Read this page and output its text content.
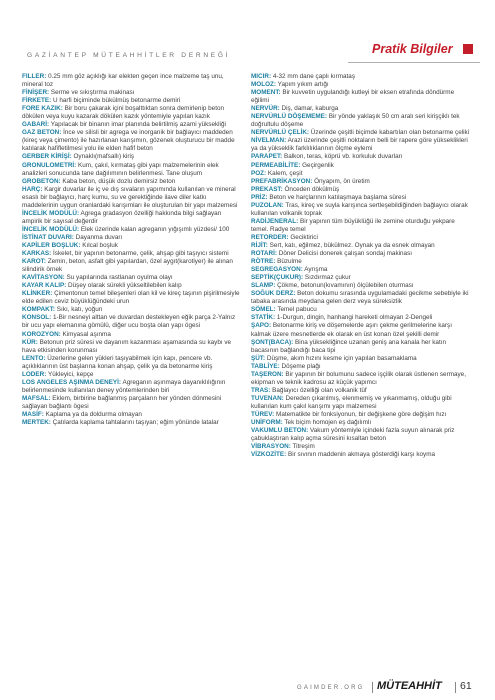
GAZİANTEP MÜTEAHHİTLER DERNEĞİ	Pratik Bilgiler

FİLLER: 0.25 mm göz açıklığı kar elekten geçen ince malzeme taş unu, mineral toz

FİNİŞER: Serme ve sıkıştırma makinası

FİRKETE: U harfi biçiminde bükülmüş betonarme demiri

FORE KAZIK: Bir boru çakarak içini boşalttıktan sonra demirlenip beton dökülen veya kuyu kazarak dökülen kazık yöntemiyle yapılan kazık

GABARİ: Yapılacak bir binanın imar planında belirtilmiş azami yüksekliği

GAZ BETON: İnce ve silisli bir agrega ve inorganik bir bağlayıcı maddeden (kireç veya çimento) ile hazırlanan karışımın, gözenek oluşturucu bir madde katılarak hafifletilmesi yolu ile elden hafif beton

GERBER KİRİŞİ: Oynaklı(mafsallı) kiriş

GRONULOMETRİ: Kum, çakıl, kırmataş gibi yapı malzemelerinin elek analizleri sonucunda tane dağılımının belirlenmesi. Tane oluşum

GROBETON: Kaba beton, düşük dozlu demirsiz beton

HARÇ: Kargir duvarlar ile iç ve dış sıvaların yapımında kullanılan ve mineral esaslı bir bağlayıcı, harç kumu, su ve gerektiğinde ilave diler katkı maddelerinin uygun oranlardaki karışımları ile oluşturulan bir yapı malzemesi

İNCELİK MODÜLÜ: Agrega gradasyon özelliği hakkında bilgi sağlayan ampirik bir sayısal değerdir

İNCELİK MODÜLÜ: Elek üzerinde kalan agreganın yığışımlı yüzdesi/ 100

İSTİNAT DUVARI: Dayanma duvarı

KAPİLER BOŞLUK: Kılcal boşluk

KARKAS: İskelet, bir yapının betonarme, çelik, ahşap gibi taşıyıcı sistemi

KAROT: Zemin, beton, asfalt gibi yapılardan, özel aygıt(karotiyer) ile alınan silindirik örnek

KAVİTASYON: Su yapılarında rastlanan oyulma olayı

KAYAR KALIP: Düşey olarak sürekli yükseltilebilen kalıp

KLİNKER: Çimentonun temel bileşenleri olan kil ve kireç taşının pişirilmesiyle elde edilen ceviz büyüklüğündeki urun

KOMPAKT: Sıkı, katı, yoğun

KONSOL: 1-Bir nesneyi alttan ve duvardan destekleyen eğik parça 2-Yalnız bir ucu yapı elemanına gömülü, diğer ucu boşta olan yapı ögesi

KOROZYON: Kimyasal aşınma

KÜR: Betonun priz süresi ve dayanım kazanması aşamasında su kaybı ve hava etkisinden korunması

LENTO: Üzerlerine gelen yükleri taşıyabilmek için kapı, pencere vb. açıklıklarının üst başlarına konan ahşap, çelik ya da betonarme kiriş

LODER: Yükleyici, kepçe

LOS ANGELES AŞINMA DENEYİ: Agreganın aşınmaya dayanıklılığının belirlenmesinde kullanılan deney yöntemlerinden biri

MAFSAL: Eklem, birbirine bağlanmış parçaların her yönden dönmesini sağlayan bağlantı ögesi

MASİF: Kaplama ya da doldurma olmayan

MERTEK: Çatılarda kaplama tahtalarını taşıyan; eğim yönünde latalar

MICIR: 4-32 mm dane çaplı kırmataş

MOLOZ: Yapım yıkım artığı

MOMENT: Bir kuvvetin uygulandığı kutleyi bir eksen etrafında döndürme eğilimi

NERVÜR: Diş, damar, kaburga

NERVÜRLÜ DÖŞEMEME: Bir yönde yaklaşık 50 cm aralı seri kirişçiklı tek doğrultulu döşeme

NERVÜRLÜ ÇELİK: Üzerinde çeşitli biçimde kabartıları olan betonarme çeliki

NİVELMAN: Arazi üzerinde çeşitli noktaların belli bir rapere göre yükseklikleri ya da yükseklik farklılıklarının ölçme eylemi

PARAPET: Balkon, teras, köprü vb. korkuluk duvarları

PERMEABİLİTE: Geçirgenlik

POZ: Kalem, çeşit

PREFABRİKASYON: Önyapım, ön üretim

PREKAST: Önceden dökülmüş

PRİZ: Beton ve harçlarının katılaşmaya başlama süresi

PUZOLAN: Tras, kireç ve suyla karışınca sertleşebildiğinden bağlayıcı olarak kullanılan volkanik toprak

RADİJENERAL: Bir yapının tüm büyüklüğü ile zemine oturduğu yekpare temel. Radye temel

RETORDER: Geciktirici

RİJİT: Sert, katı, eğilmez, bükülmez. Oynak ya da esnek olmayan

ROTARİ: Döner Delicisi donerek çalışan sondaj makinası

RÖTRE: Büzulme

SEGREGASYON: Ayrışma

SEPTİK(ÇUKUR): Sızdırmaz çukur

SLAMP: Çökme, betonun(kıvamının) ölçülebilen oturması

SOĞUK DERZ: Beton dokumu sırasında uygulamadaki gecikme sebebiyle iki tabaka arasında meydana gelen derz veya süreksizlik

SÖMEL: Temel pabucu

STATİK: 1-Durgun, dingin, hanhangi hareketi olmayan 2-Dengeli

ŞAPO: Betonarme kiriş ve döşemelerde aşırı çekme gerilmelerine karşı kalmak üzere mesnetlerde ek olarak en üst konan özel şekilli demir

ŞONT(BACA): Bina yüksekliğince uzanan geniş ana kanala her katın bacasının bağlandığı baca tipi

ŞÜT: Düşme, akım hızını kesme için yapılan basamaklama

TABLİYE: Döşeme plağı

TAŞERON: Bir yapının bir bolumunu sadece işçilik olarak üstlenen sermaye, ekipman ve teknik kadrosu az küçük yapımcı

TRAS: Bağlayıcı özelliği olan volkanik tüf

TUVENAN: Dereden çıkarılmış, elenmemiş ve yıkanmamış, olduğu gibi kullanılan kum çakıl karışımı yapı malzemesi

TÜREV: Matematikte bir fonksiyonun, bir değişkene göre değişim hızı

UNİFORM: Tek biçim homojen eş dağılımlı

VAKUMLU BETON: Vakum yöntemiyle içindeki fazla suyun alınarak priz çabuklaştıran kalıp açma süresini kısaltan beton

VİBRASYON: Titreşim

VİZKOZİTE: Bir sıvının maddenin akmaya gösterdiği karşı koyma

GAIMDER.ORG MÜTEAHHİT 61
